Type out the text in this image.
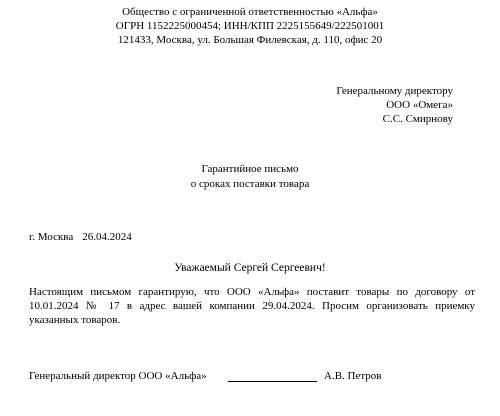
Общество с ограниченной ответственностью «Альфа»
ОГРН 1152225000454; ИНН/КПП 2225155649/222501001
121433, Москва, ул. Большая Филевская, д. 110, офис 20
Генеральному директору
ООО «Омега»
С.С. Смирнову
Гарантийное письмо
о сроках поставки товара
г. Москва 26.04.2024
Уважаемый Сергей Сергеевич!
Настоящим письмом гарантирую, что ООО «Альфа» поставит товары по договору от
10.01.2024 № 17 в адрес вашей компании 29.04.2024. Просим организовать приемку
указанных товаров.
Генеральный директор ООО «Альфа»	А.В. Петров
